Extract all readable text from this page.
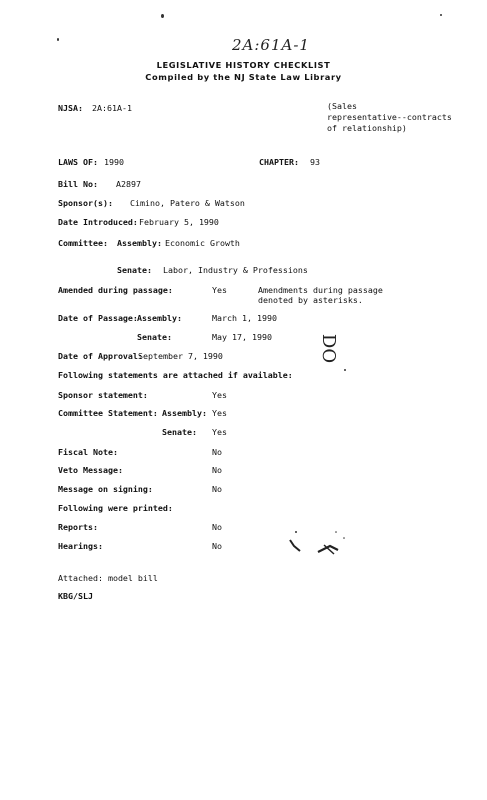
2A:61A-1
LEGISLATIVE HISTORY CHECKLIST
Compiled by the NJ State Law Library
NJSA: 2A:61A-1	(Sales
representative--contracts
of relationship)
LAWS OF: 1990	CHAPTER: 93
Bill No: A2897
Sponsor(s): Cimino, Patero & Watson
Date Introduced: February 5, 1990
Committee: Assembly: Economic Growth
Senate: Labor, Industry & Professions
Amended during passage:	Yes	Amendments during passage
denoted by asterisks.
Date of Passage: Assembly:	March 1, 1990
Senate:	May 17, 1990	DO
Date of Approval:
September 7, 1990
Following statements are attached if available:
Sponsor statement:	Yes
Committee Statement: Assembly: Yes
Senate: Yes
Fiscal Note:	No
Veto Message:	No
Message on signing:	No
Following were printed:
Reports:	No
Hearings:	No
Attached: model bill
KBG/SLJ
